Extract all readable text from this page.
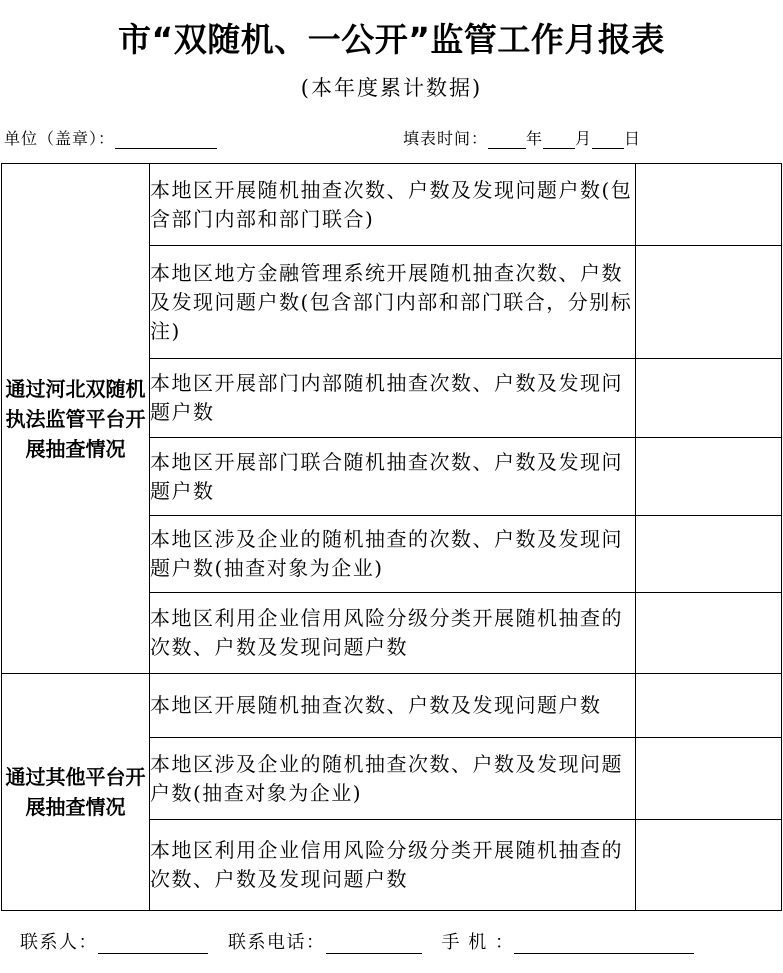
市“双随机、一公开”监管工作月报表
(本年度累计数据)
单位（盖章）：	填表时间： 年 月 日
通过河北双随机执法监管平台开展抽查情况	本地区开展随机抽查次数、户数及发现问题户数(包含部门内部和部门联合)	
	本地区地方金融管理系统开展随机抽查次数、户数 及发现问题户数(包含部门内部和部门联合，分别标注)	
	本地区开展部门内部随机抽查次数、户数及发现问题户数	
	本地区开展部门联合随机抽查次数、户数及发现问题户数	
	本地区涉及企业的随机抽查的次数、户数及发现问题户数(抽查对象为企业)	
	本地区利用企业信用风险分级分类开展随机抽查的次数、户数及发现问题户数	
通过其他平台开展抽查情况	本地区开展随机抽查次数、户数及发现问题户数	
	本地区涉及企业的随机抽查次数、户数及发现问题户数(抽查对象为企业)	
	本地区利用企业信用风险分级分类开展随机抽查的次数、户数及发现问题户数	
联系人：	联系电话：	手 机 ：
